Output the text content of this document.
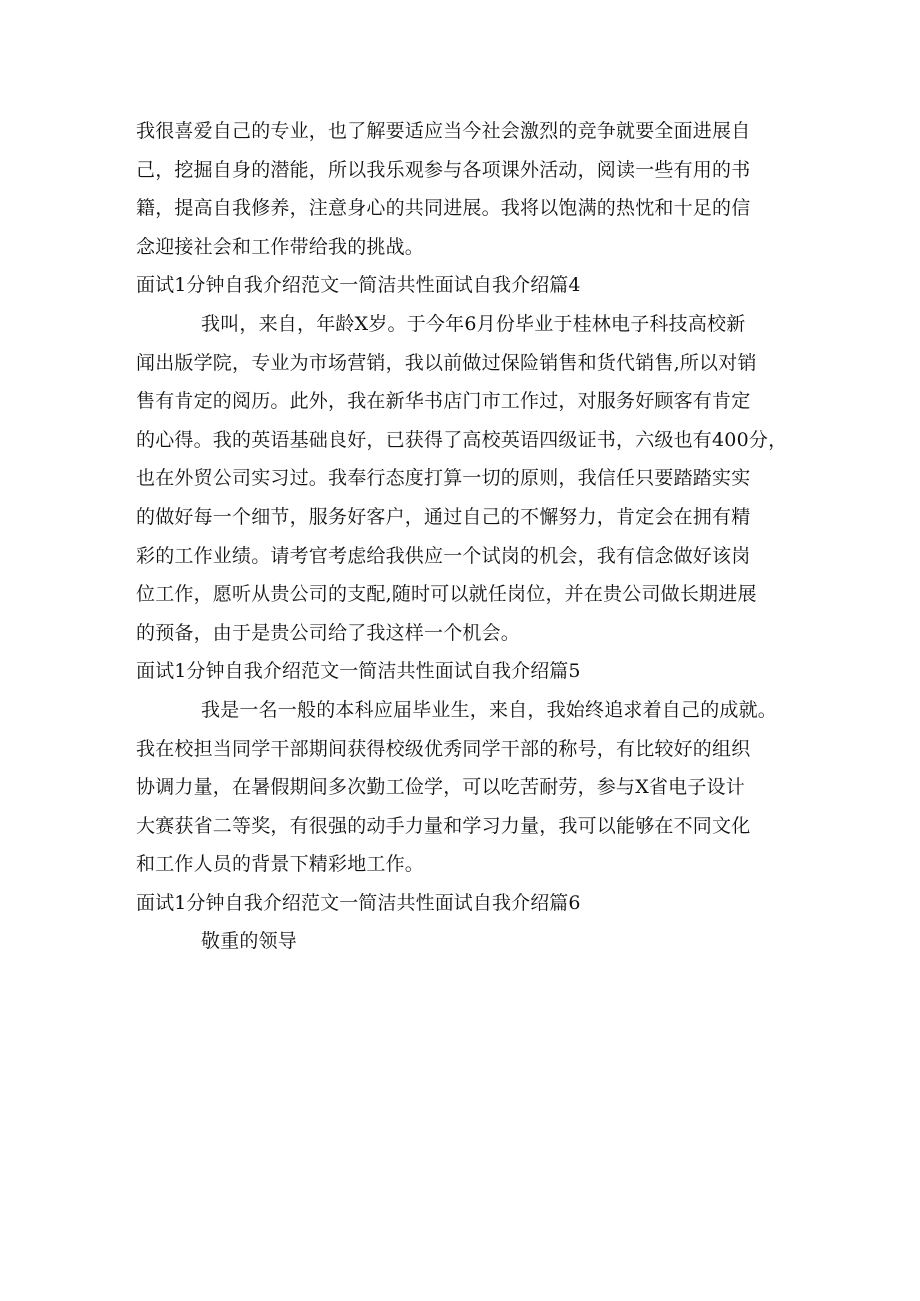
我很喜爱自己的专业，也了解要适应当今社会激烈的竞争就要全面进展自
己，挖掘自身的潜能，所以我乐观参与各项课外活动，阅读一些有用的书
籍，提高自我修养，注意身心的共同进展。我将以饱满的热忱和十足的信
念迎接社会和工作带给我的挑战。
面试1分钟自我介绍范文一简洁共性面试自我介绍篇4
我叫，来自，年龄X岁。于今年6月份毕业于桂林电子科技高校新
闻出版学院，专业为市场营销，我以前做过保险销售和货代销售,所以对销
售有肯定的阅历。此外，我在新华书店门市工作过，对服务好顾客有肯定
的心得。我的英语基础良好，已获得了高校英语四级证书，六级也有400分，
也在外贸公司实习过。我奉行态度打算一切的原则，我信任只要踏踏实实
的做好每一个细节，服务好客户，通过自己的不懈努力，肯定会在拥有精
彩的工作业绩。请考官考虑给我供应一个试岗的机会，我有信念做好该岗
位工作，愿听从贵公司的支配,随时可以就任岗位，并在贵公司做长期进展
的预备，由于是贵公司给了我这样一个机会。
面试1分钟自我介绍范文一简洁共性面试自我介绍篇5
我是一名一般的本科应届毕业生，来自，我始终追求着自己的成就。
我在校担当同学干部期间获得校级优秀同学干部的称号，有比较好的组织
协调力量，在暑假期间多次勤工俭学，可以吃苦耐劳，参与X省电子设计
大赛获省二等奖，有很强的动手力量和学习力量，我可以能够在不同文化
和工作人员的背景下精彩地工作。
面试1分钟自我介绍范文一简洁共性面试自我介绍篇6
敬重的领导
